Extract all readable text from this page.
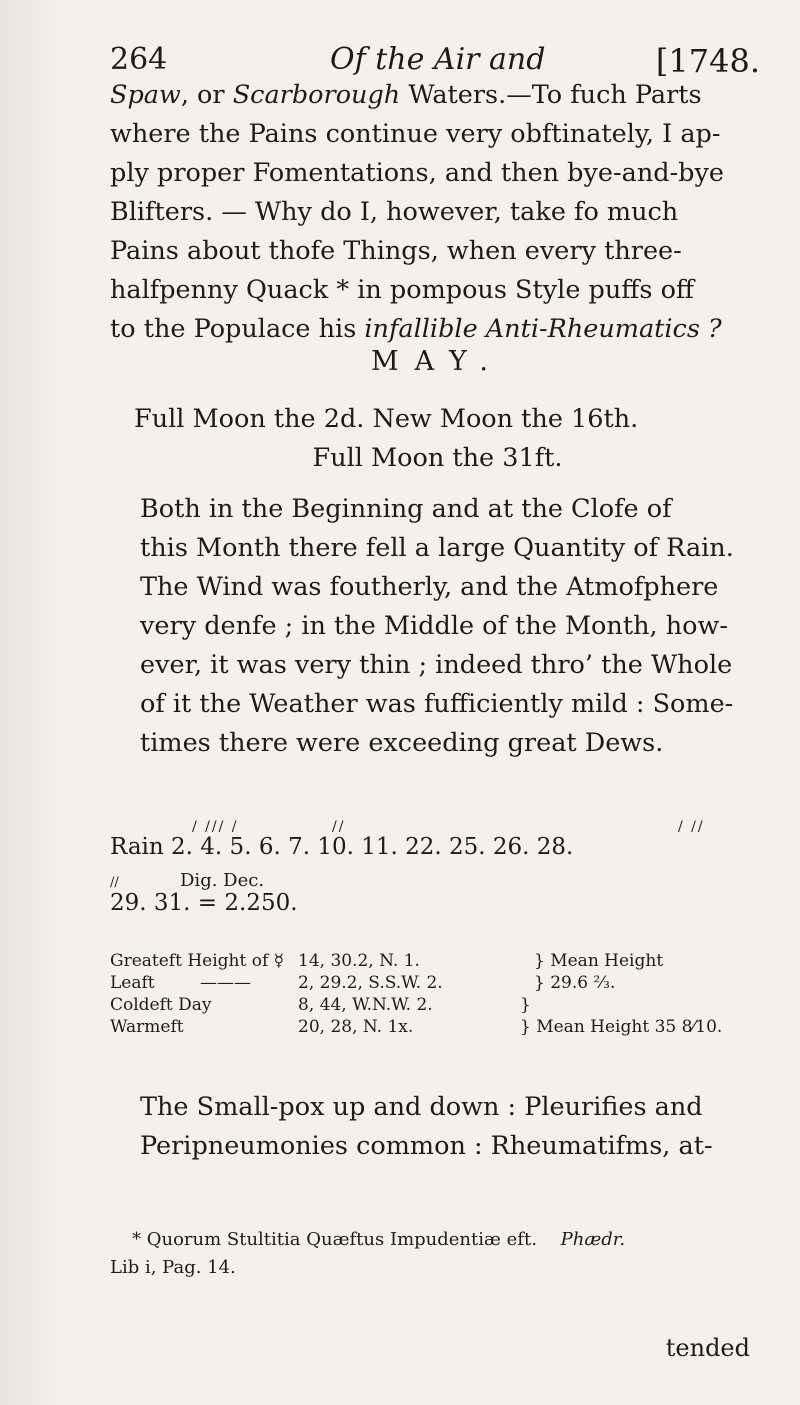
264	Of the Air and	[1748.
Spaw, or Scarborough Waters.—To fuch Parts
where the Pains continue very obftinately, I ap-
ply proper Fomentations, and then bye-and-bye
Blifters. — Why do I, however, take fo much
Pains about thofe Things, when every three-
halfpenny Quack * in pompous Style puffs off
to the Populace his infallible Anti-Rheumatics ?
MAY.
Full Moon the 2d. New Moon the 16th.
Full Moon the 31ft.
Both in the Beginning and at the Clofe of
this Month there fell a large Quantity of Rain.
The Wind was foutherly, and the Atmofphere
very denfe ; in the Middle of the Month, how-
ever, it was very thin ; indeed thro’ the Whole
of it the Weather was fufficiently mild : Some-
times there were exceeding great Dews.
/ /// /	//	/ //
Rain 2. 4. 5. 6. 7. 10. 11. 22. 25. 26. 28.
//	Dig. Dec.
29. 31. = 2.250.
Greateft Height of ☿ 14, 30.2, N. 1.	} Mean Height
Leaft	———	2, 29.2, S.S.W. 2.	} 29.6 ⅔.
Coldeft Day	8, 44, W.N.W. 2.	}
Warmeft	20, 28, N. 1x.	} Mean Height 35 8⁄10.
The Small-pox up and down : Pleurifies and
Peripneumonies common : Rheumatifms, at-
* Quorum Stultitia Quæftus Impudentiæ eft. Phædr.
Lib i, Pag. 14.
tended
